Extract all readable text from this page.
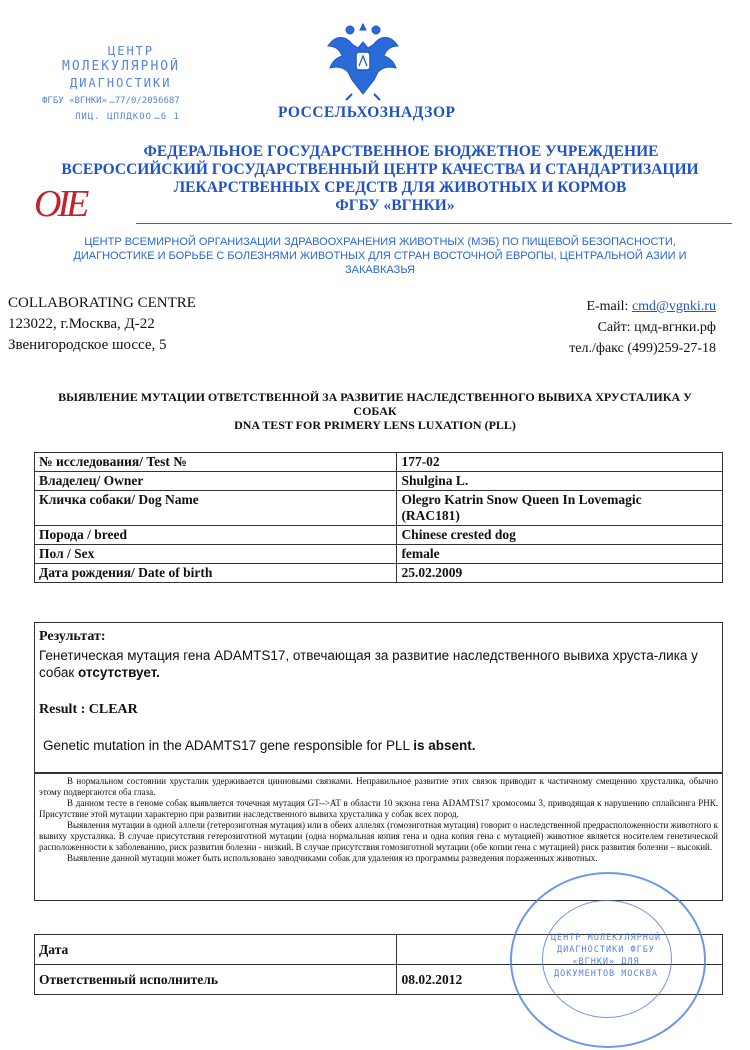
ЦЕНТР
МОЛЕКУЛЯРНОЙ
ДИАГНОСТИКИ
ФГБУ «ВГНКИ» …77/0/2056687
ЛИЦ. ЦПЛДКОО …6 1	РОССЕЛЬХОЗНАДЗОР
oie
ФЕДЕРАЛЬНОЕ ГОСУДАРСТВЕННОЕ БЮДЖЕТНОЕ УЧРЕЖДЕНИЕ
ВСЕРОССИЙСКИЙ ГОСУДАРСТВЕННЫЙ ЦЕНТР КАЧЕСТВА И СТАНДАРТИЗАЦИИ
ЛЕКАРСТВЕННЫХ СРЕДСТВ ДЛЯ ЖИВОТНЫХ И КОРМОВ
ФГБУ «ВГНКИ»
ЦЕНТР ВСЕМИРНОЙ ОРГАНИЗАЦИИ ЗДРАВООХРАНЕНИЯ ЖИВОТНЫХ (МЭБ) ПО ПИЩЕВОЙ БЕЗОПАСНОСТИ,
ДИАГНОСТИКЕ И БОРЬБЕ С БОЛЕЗНЯМИ ЖИВОТНЫХ ДЛЯ СТРАН ВОСТОЧНОЙ ЕВРОПЫ, ЦЕНТРАЛЬНОЙ АЗИИ И
ЗАКАВКАЗЬЯ
COLLABORATING CENTRE
123022, г.Москва, Д-22
Звенигородское шоссе, 5
E-mail: cmd@vgnki.ru
Сайт: цмд-вгнки.рф
тел./факс (499)259-27-18
ВЫЯВЛЕНИЕ МУТАЦИИ ОТВЕТСТВЕННОЙ ЗА РАЗВИТИЕ НАСЛЕДСТВЕННОГО ВЫВИХА ХРУСТАЛИКА У
СОБАК
DNA TEST FOR PRIMERY LENS LUXATION (PLL)
№ исследования/ Test №	177-02
Владелец/ Owner	Shulgina L.
Кличка собаки/ Dog Name	Olegro Katrin Snow Queen In Lovemagic (RAC181)
Порода / breed	Chinese crested dog
Пол / Sex	female
Дата рождения/ Date of birth	25.02.2009
Результат:
Генетическая мутация гена ADAMTS17, отвечающая за развитие наследственного вывиха хруста-лика у собак отсутствует.
Result : CLEAR
Genetic mutation in the ADAMTS17 gene responsible for PLL is absent.

В нормальном состоянии хрусталик удерживается цинновыми связками. Неправильное развитие этих связок приводит к частичному смещению хрусталика, обычно этому подвергаются оба глаза.

В данном тесте в геноме собак выявляется точечная мутация GT-->AT в области 10 экзона гена ADAMTS17 хромосомы 3, приводящая к нарушению сплайсинга РНК. Присутствие этой мутации характерно при развитии наследственного вывиха хрусталика у собак всех пород.

Выявления мутации в одной аллели (гетерозиготная мутация) или в обеих аллелях (гомозиготная мутация) говорит о наследственной предрасположенности животного к вывиху хрусталика. В случае присутствия гетерозиготной мутации (одна нормальная копия гена и одна копия гена с мутацией) животное является носителем генетической расположенности к заболеванию, риск развития болезни - низкий. В случае присутствия гомозиготной мутации (обе копии гена с мутацией) риск развития болезни – высокий.

Выявление данной мутации может быть использовано заводчиками собак для удаления из программы разведения пораженных животных.

Дата	
Ответственный исполнитель	08.02.2012
ЦЕНТР МОЛЕКУЛЯРНОЙ ДИАГНОСТИКИ ФГБУ «ВГНКИ» ДЛЯ ДОКУМЕНТОВ МОСКВА
